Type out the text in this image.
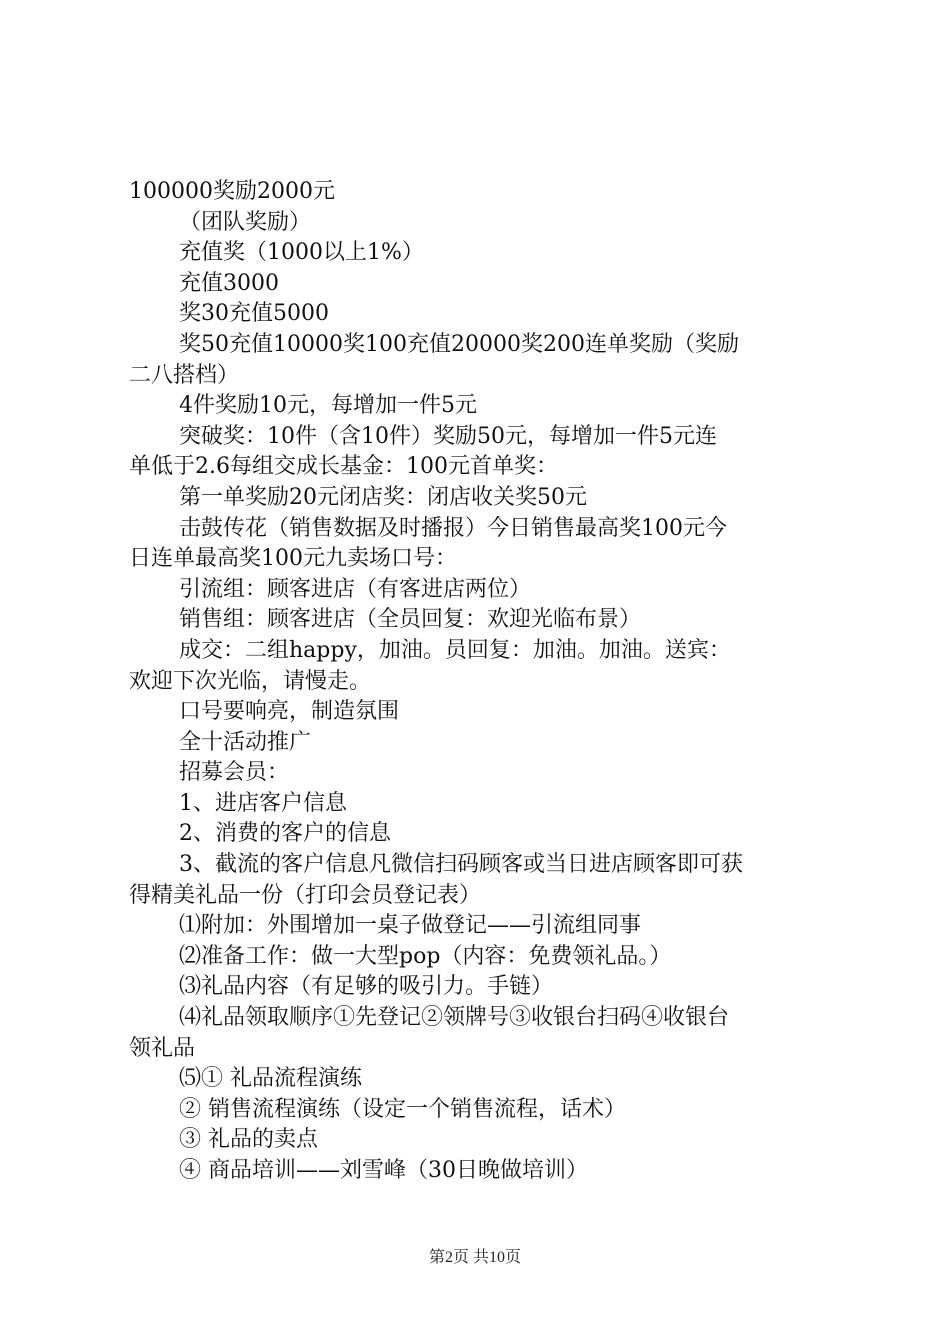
100000奖励2000元
（团队奖励）
充值奖（1000以上1%）
充值3000
奖30充值5000
奖50充值10000奖100充值20000奖200连单奖励（奖励
二八搭档）
4件奖励10元，每增加一件5元
突破奖：10件（含10件）奖励50元，每增加一件5元连
单低于2.6每组交成长基金：100元首单奖：
第一单奖励20元闭店奖：闭店收关奖50元
击鼓传花（销售数据及时播报）今日销售最高奖100元今
日连单最高奖100元九卖场口号：
引流组：顾客进店（有客进店两位）
销售组：顾客进店（全员回复：欢迎光临布景）
成交：二组happy，加油。员回复：加油。加油。送宾：
欢迎下次光临，请慢走。
口号要响亮，制造氛围
全十活动推广
招募会员：
1、进店客户信息
2、消费的客户的信息
3、截流的客户信息凡微信扫码顾客或当日进店顾客即可获
得精美礼品一份（打印会员登记表）
⑴附加：外围增加一桌子做登记——引流组同事
⑵准备工作：做一大型pop（内容：免费领礼品。）
⑶礼品内容（有足够的吸引力。手链）
⑷礼品领取顺序①先登记②领牌号③收银台扫码④收银台
领礼品
⑸① 礼品流程演练
② 销售流程演练（设定一个销售流程，话术）
③ 礼品的卖点
④ 商品培训——刘雪峰（30日晚做培训）
第2页 共10页
